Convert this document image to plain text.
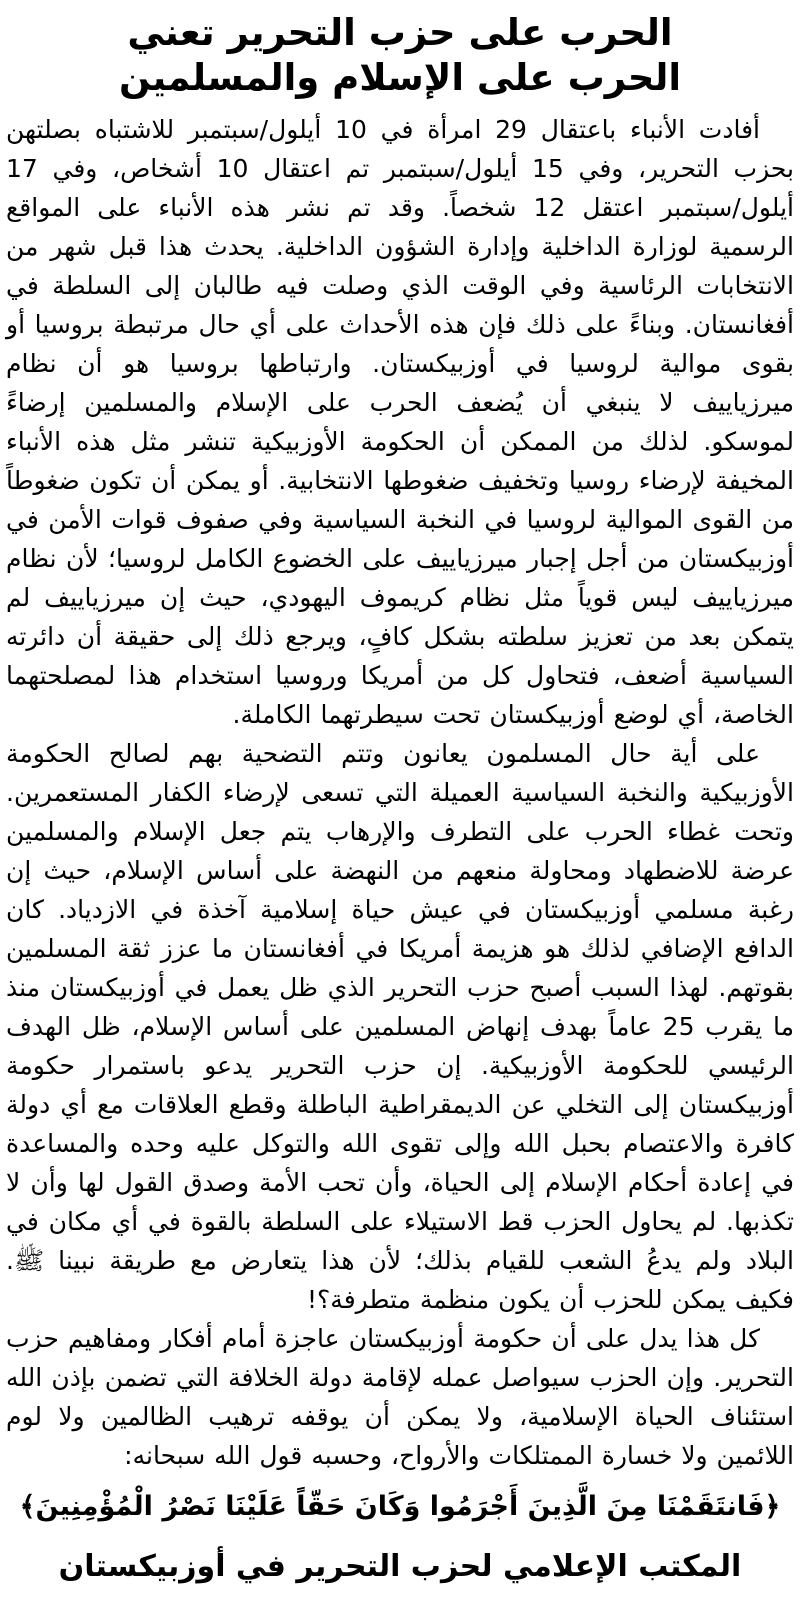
الحرب على حزب التحرير تعني
الحرب على الإسلام والمسلمين

أفادت الأنباء باعتقال 29 امرأة في 10 أيلول/سبتمبر للاشتباه بصلتهن بحزب التحرير، وفي 15 أيلول/سبتمبر تم اعتقال 10 أشخاص، وفي 17 أيلول/سبتمبر اعتقل 12 شخصاً. وقد تم نشر هذه الأنباء على المواقع الرسمية لوزارة الداخلية وإدارة الشؤون الداخلية. يحدث هذا قبل شهر من الانتخابات الرئاسية وفي الوقت الذي وصلت فيه طالبان إلى السلطة في أفغانستان. وبناءً على ذلك فإن هذه الأحداث على أي حال مرتبطة بروسيا أو بقوى موالية لروسيا في أوزبيكستان. وارتباطها بروسيا هو أن نظام ميرزياييف لا ينبغي أن يُضعف الحرب على الإسلام والمسلمين إرضاءً لموسكو. لذلك من الممكن أن الحكومة الأوزبيكية تنشر مثل هذه الأنباء المخيفة لإرضاء روسيا وتخفيف ضغوطها الانتخابية. أو يمكن أن تكون ضغوطاً من القوى الموالية لروسيا في النخبة السياسية وفي صفوف قوات الأمن في أوزبيكستان من أجل إجبار ميرزياييف على الخضوع الكامل لروسيا؛ لأن نظام ميرزياييف ليس قوياً مثل نظام كريموف اليهودي، حيث إن ميرزياييف لم يتمكن بعد من تعزيز سلطته بشكل كافٍ، ويرجع ذلك إلى حقيقة أن دائرته السياسية أضعف، فتحاول كل من أمريكا وروسيا استخدام هذا لمصلحتهما الخاصة، أي لوضع أوزبيكستان تحت سيطرتهما الكاملة.

على أية حال المسلمون يعانون وتتم التضحية بهم لصالح الحكومة الأوزبيكية والنخبة السياسية العميلة التي تسعى لإرضاء الكفار المستعمرين. وتحت غطاء الحرب على التطرف والإرهاب يتم جعل الإسلام والمسلمين عرضة للاضطهاد ومحاولة منعهم من النهضة على أساس الإسلام، حيث إن رغبة مسلمي أوزبيكستان في عيش حياة إسلامية آخذة في الازدياد. كان الدافع الإضافي لذلك هو هزيمة أمريكا في أفغانستان ما عزز ثقة المسلمين بقوتهم. لهذا السبب أصبح حزب التحرير الذي ظل يعمل في أوزبيكستان منذ ما يقرب 25 عاماً بهدف إنهاض المسلمين على أساس الإسلام، ظل الهدف الرئيسي للحكومة الأوزبيكية. إن حزب التحرير يدعو باستمرار حكومة أوزبيكستان إلى التخلي عن الديمقراطية الباطلة وقطع العلاقات مع أي دولة كافرة والاعتصام بحبل الله وإلى تقوى الله والتوكل عليه وحده والمساعدة في إعادة أحكام الإسلام إلى الحياة، وأن تحب الأمة وصدق القول لها وأن لا تكذبها. لم يحاول الحزب قط الاستيلاء على السلطة بالقوة في أي مكان في البلاد ولم يدعُ الشعب للقيام بذلك؛ لأن هذا يتعارض مع طريقة نبينا ﷺ. فكيف يمكن للحزب أن يكون منظمة متطرفة؟!

كل هذا يدل على أن حكومة أوزبيكستان عاجزة أمام أفكار ومفاهيم حزب التحرير. وإن الحزب سيواصل عمله لإقامة دولة الخلافة التي تضمن بإذن الله استئناف الحياة الإسلامية، ولا يمكن أن يوقفه ترهيب الظالمين ولا لوم اللائمين ولا خسارة الممتلكات والأرواح، وحسبه قول الله سبحانه:

﴿فَانتَقَمْنَا مِنَ الَّذِينَ أَجْرَمُوا وَكَانَ حَقّاً عَلَيْنَا نَصْرُ الْمُؤْمِنِينَ﴾
المكتب الإعلامي لحزب التحرير في أوزبيكستان
